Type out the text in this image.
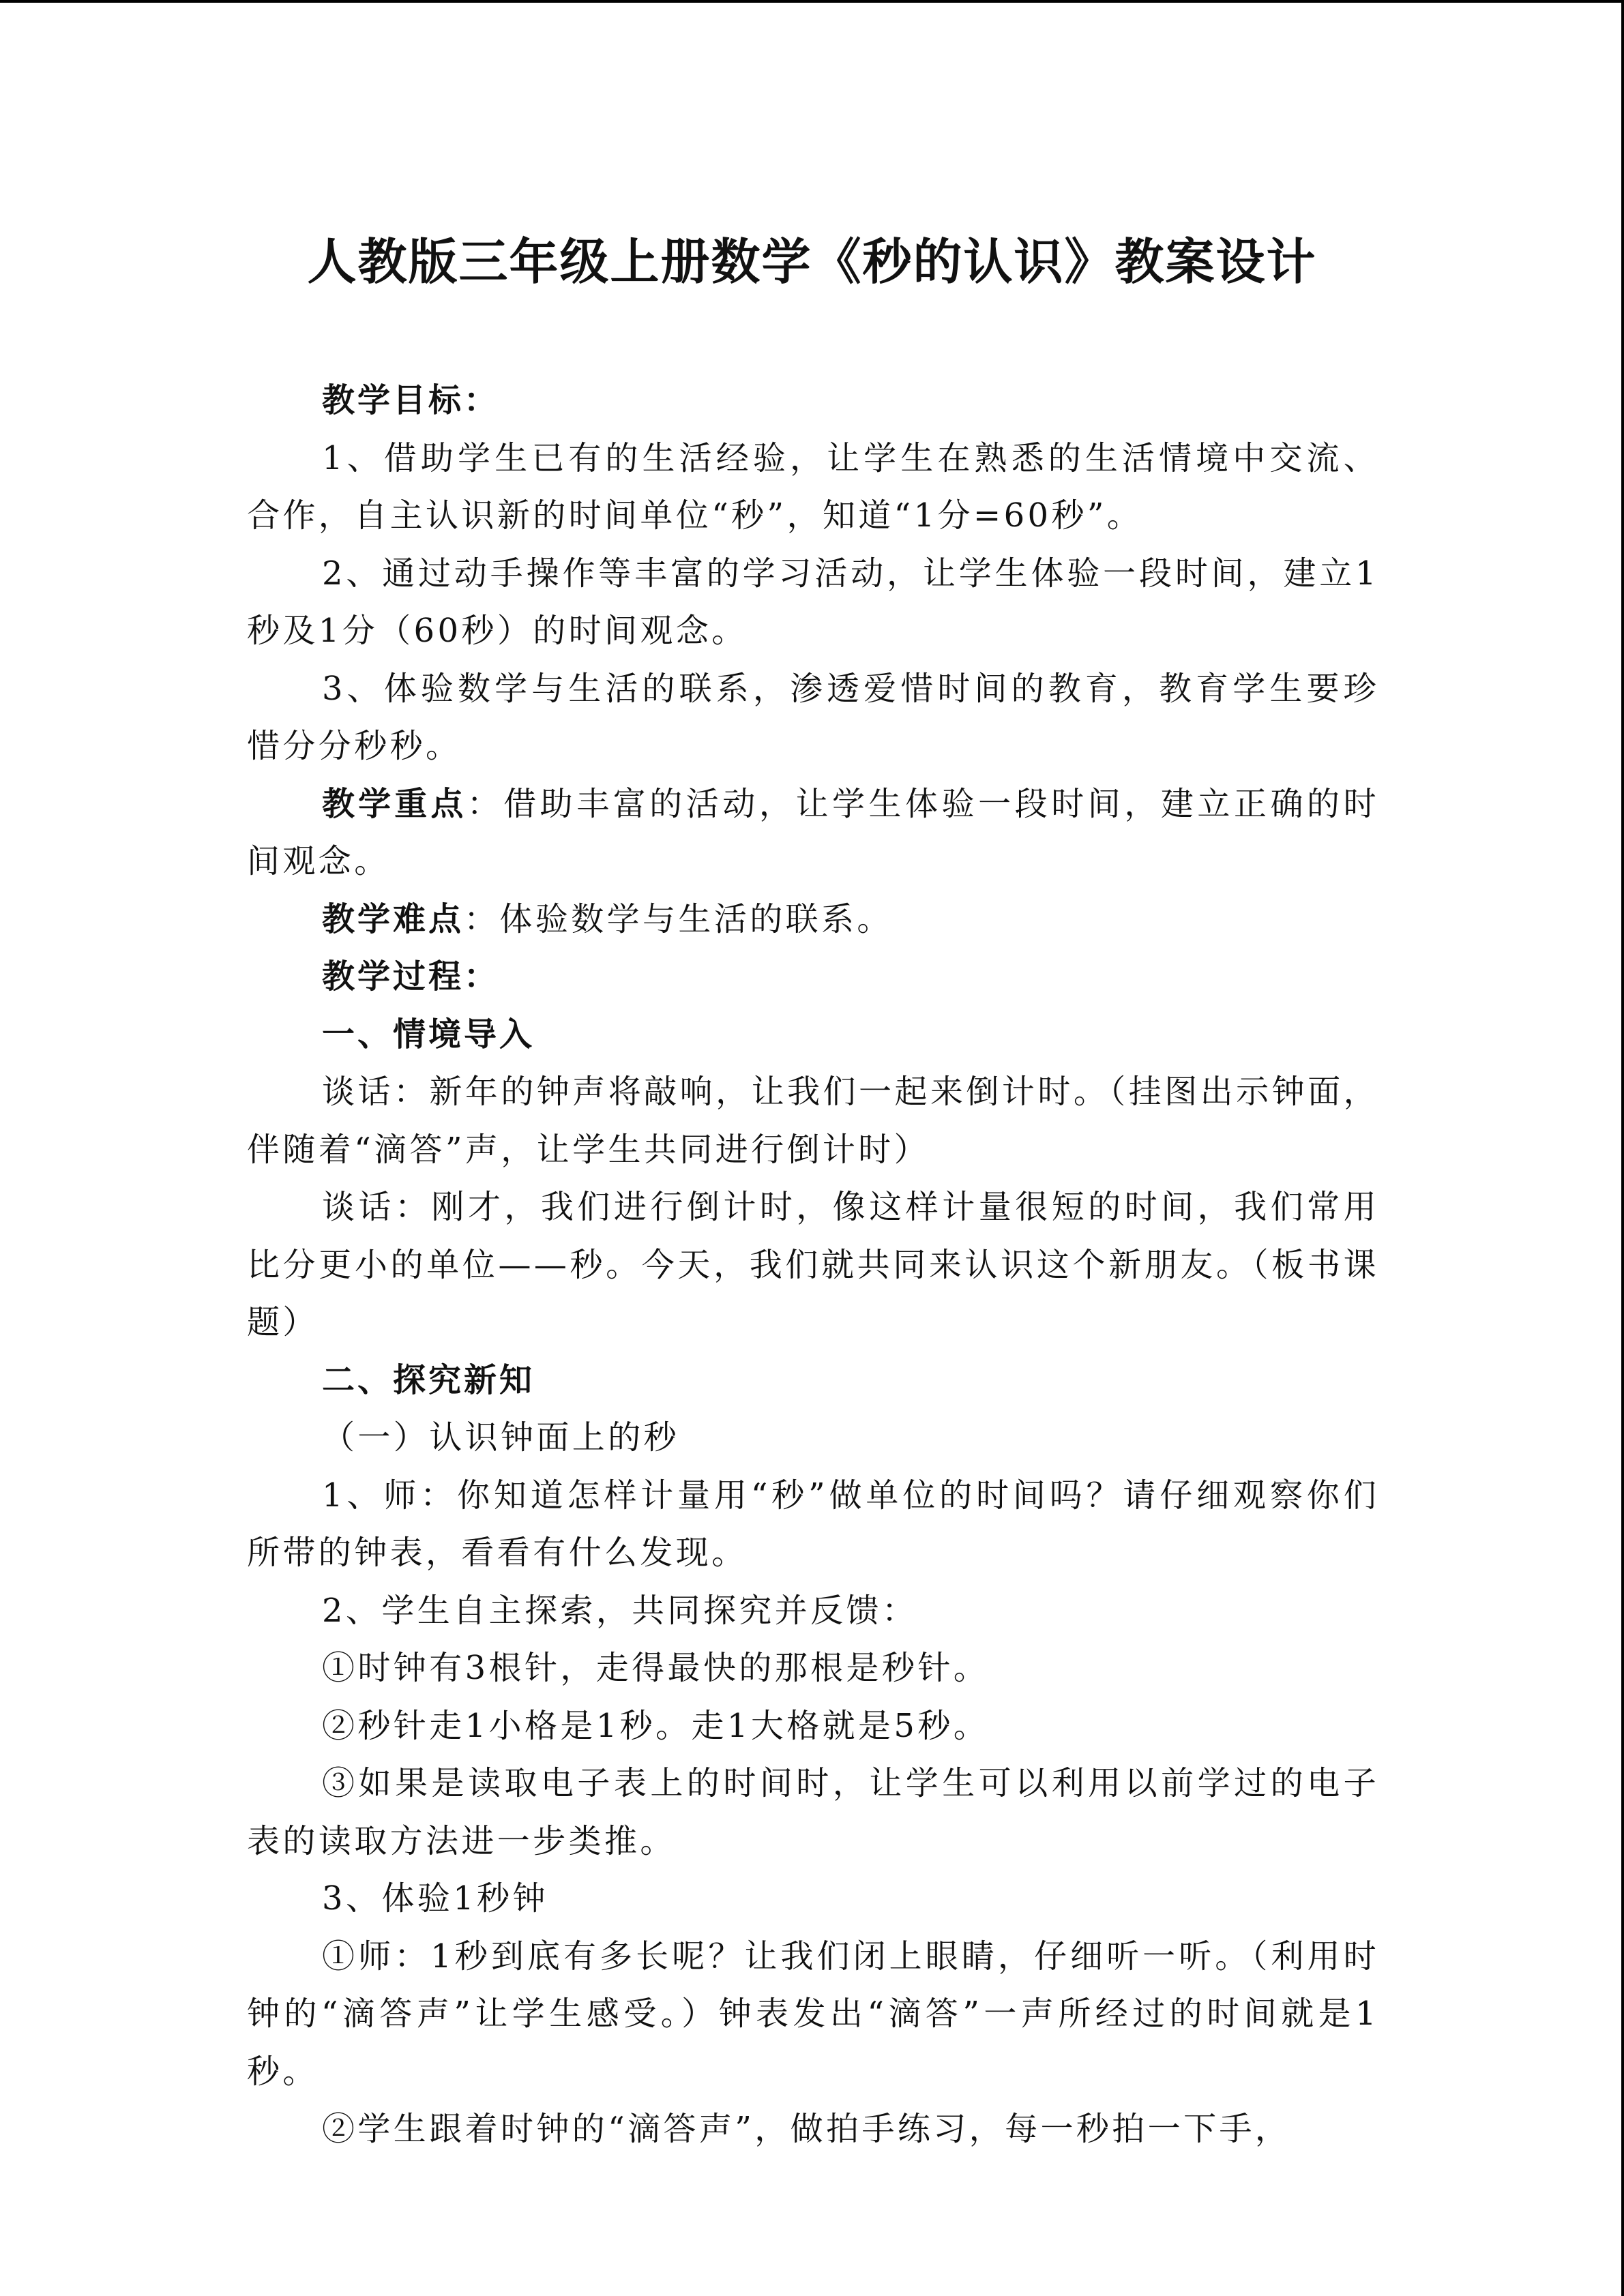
人教版三年级上册数学《秒的认识》教案设计

教学目标：

1、借助学生已有的生活经验，让学生在熟悉的生活情境中交流、合作，自主认识新的时间单位“秒”，知道“1分=60秒”。

2、通过动手操作等丰富的学习活动，让学生体验一段时间，建立1秒及1分（60秒）的时间观念。

3、体验数学与生活的联系，渗透爱惜时间的教育，教育学生要珍惜分分秒秒。

教学重点：借助丰富的活动，让学生体验一段时间，建立正确的时间观念。

教学难点：体验数学与生活的联系。

教学过程：

一、情境导入

谈话：新年的钟声将敲响，让我们一起来倒计时。（挂图出示钟面，伴随着“滴答”声，让学生共同进行倒计时）

谈话：刚才，我们进行倒计时，像这样计量很短的时间，我们常用比分更小的单位——秒。今天，我们就共同来认识这个新朋友。（板书课题）

二、探究新知

（一）认识钟面上的秒

1、师：你知道怎样计量用“秒”做单位的时间吗？请仔细观察你们所带的钟表，看看有什么发现。

2、学生自主探索，共同探究并反馈：

①时钟有3根针，走得最快的那根是秒针。

②秒针走1小格是1秒。走1大格就是5秒。

③如果是读取电子表上的时间时，让学生可以利用以前学过的电子表的读取方法进一步类推。

3、体验1秒钟

①师：1秒到底有多长呢？让我们闭上眼睛，仔细听一听。（利用时钟的“滴答声”让学生感受。）钟表发出“滴答”一声所经过的时间就是1秒。

②学生跟着时钟的“滴答声”，做拍手练习，每一秒拍一下手，
